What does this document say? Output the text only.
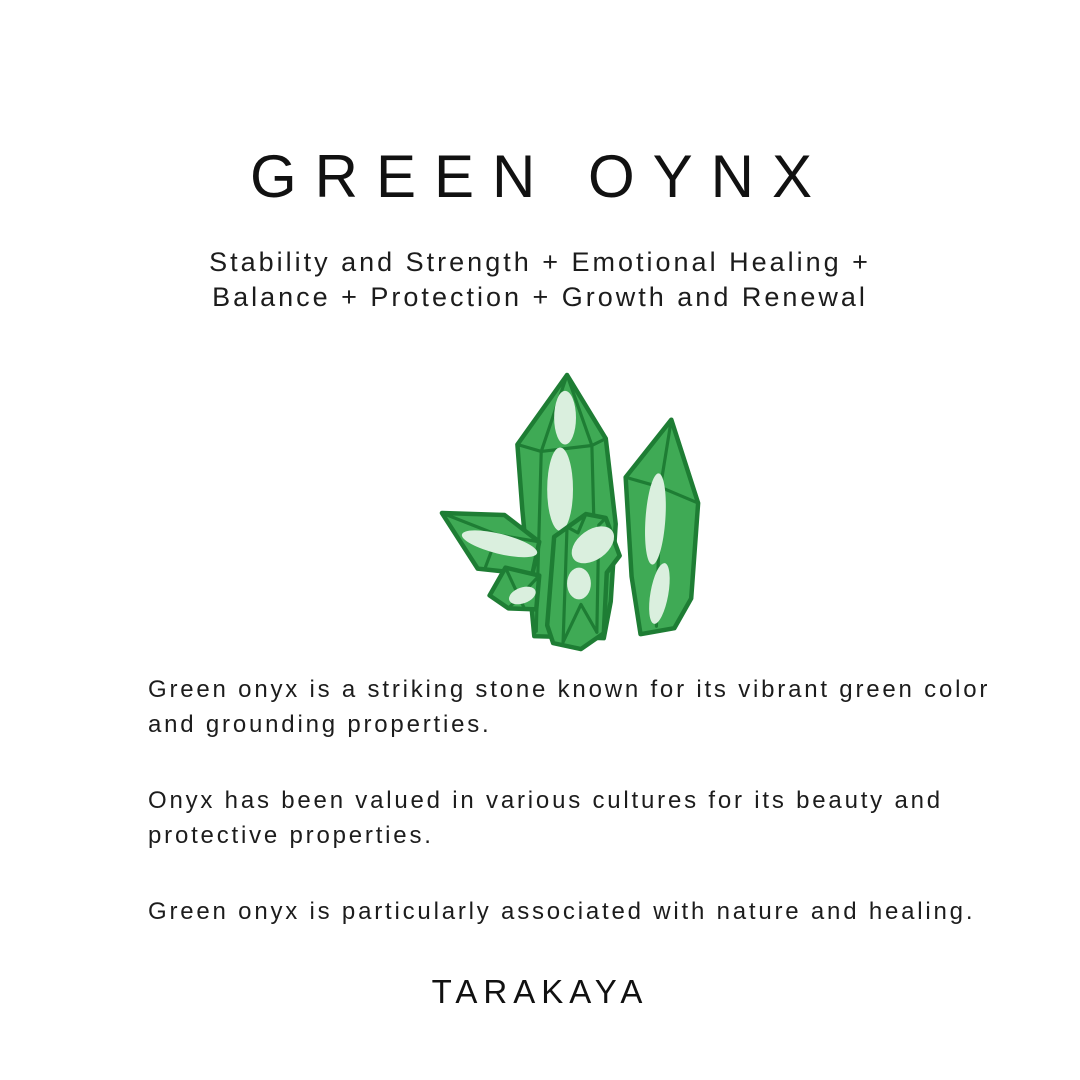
GREEN OYNX
Stability and Strength + Emotional Healing +
Balance + Protection + Growth and Renewal

Green onyx is a striking stone known for its vibrant green color and grounding properties.

Onyx has been valued in various cultures for its beauty and protective properties.

Green onyx is particularly associated with nature and healing.

TARAKAYA
